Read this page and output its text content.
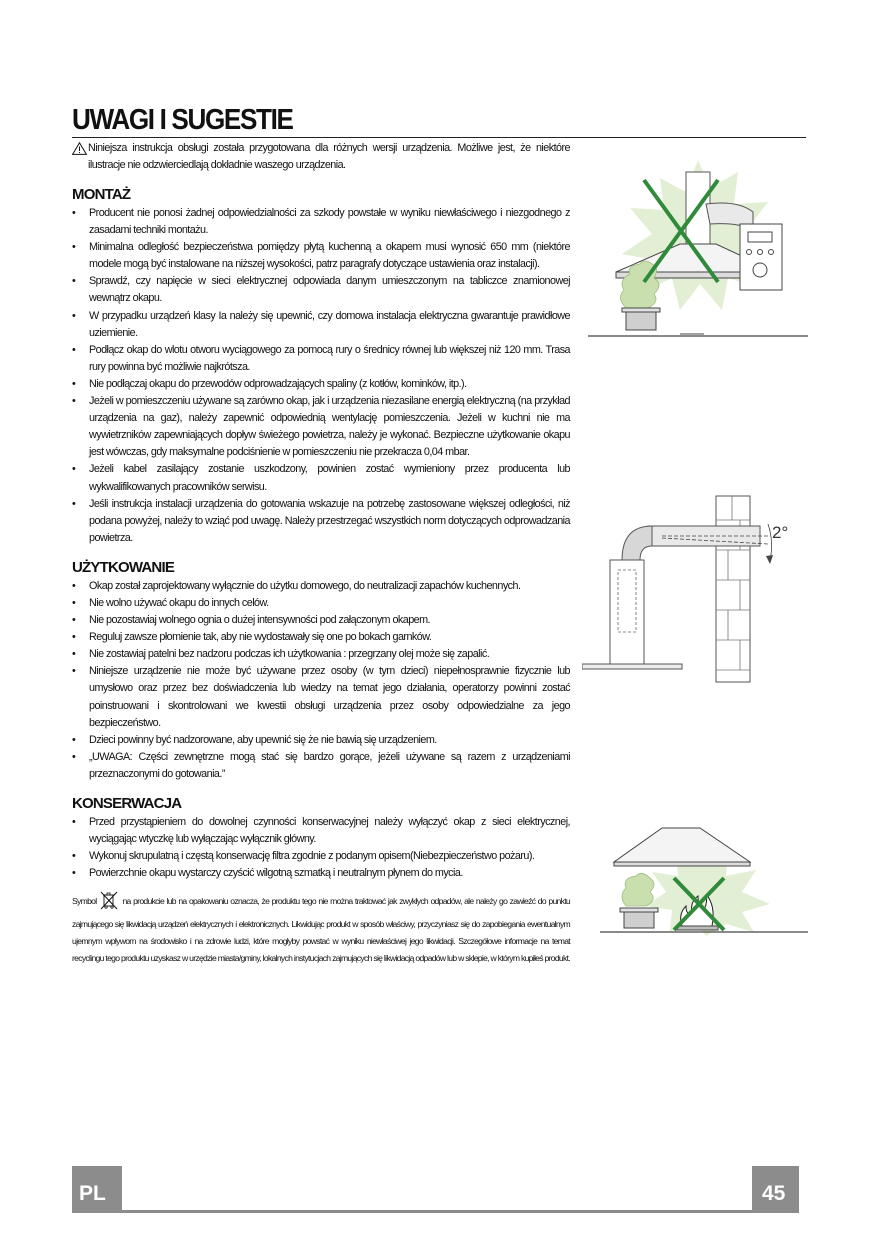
UWAGI I SUGESTIE
Niniejsza instrukcja obsługi została przygotowana dla różnych wersji urządzenia. Możliwe jest, że niektóre ilustracje nie odzwierciedlają dokładnie waszego urządzenia.
MONTAŻ
• Producent nie ponosi żadnej odpowiedzialności za szkody powstałe w wyniku niewłaściwego i niezgodnego z zasadami techniki montażu.
• Minimalna odległość bezpieczeństwa pomiędzy płytą kuchenną a okapem musi wynosić 650 mm (niektóre modele mogą być instalowane na niższej wysokości, patrz paragrafy dotyczące ustawienia oraz instalacji).
• Sprawdź, czy napięcie w sieci elektrycznej odpowiada danym umieszczonym na tabliczce znamionowej wewnątrz okapu.
• W przypadku urządzeń klasy Ia należy się upewnić, czy domowa instalacja elektryczna gwarantuje prawidłowe uziemienie.
• Podłącz okap do wlotu otworu wyciągowego za pomocą rury o średnicy równej lub większej niż 120 mm. Trasa rury powinna być możliwie najkrótsza.
• Nie podłączaj okapu do przewodów odprowadzających spaliny (z kotłów, kominków, itp.).
• Jeżeli w pomieszczeniu używane są zarówno okap, jak i urządzenia niezasilane energią elektryczną (na przykład urządzenia na gaz), należy zapewnić odpowiednią wentylację pomieszczenia. Jeżeli w kuchni nie ma wywietrzników zapewniających dopływ świeżego powietrza, należy je wykonać. Bezpieczne użytkowanie okapu jest wówczas, gdy maksymalne podciśnienie w pomieszczeniu nie przekracza 0,04 mbar.
• Jeżeli kabel zasilający zostanie uszkodzony, powinien zostać wymieniony przez producenta lub wykwalifikowanych pracowników serwisu.
• Jeśli instrukcja instalacji urządzenia do gotowania wskazuje na potrzebę zastosowane większej odległości, niż podana powyżej, należy to wziąć pod uwagę. Należy przestrzegać wszystkich norm dotyczących odprowadzania powietrza.
UŻYTKOWANIE
• Okap został zaprojektowany wyłącznie do użytku domowego, do neutralizacji zapachów kuchennych.
• Nie wolno używać okapu do innych celów.
• Nie pozostawiaj wolnego ognia o dużej intensywności pod załączonym okapem.
• Reguluj zawsze płomienie tak, aby nie wydostawały się one po bokach garnków.
• Nie zostawiaj patelni bez nadzoru podczas ich użytkowania : przegrzany olej może się zapalić.
• Niniejsze urządzenie nie może być używane przez osoby (w tym dzieci) niepełnosprawnie fizycznie lub umysłowo oraz przez bez doświadczenia lub wiedzy na temat jego działania, operatorzy powinni zostać poinstruowani i skontrolowani we kwestii obsługi urządzenia przez osoby odpowiedzialne za jego bezpieczeństwo.
• Dzieci powinny być nadzorowane, aby upewnić się że nie bawią się urządzeniem.
• „UWAGA: Części zewnętrzne mogą stać się bardzo gorące, jeżeli używane są razem z urządzeniami przeznaczonymi do gotowania.”
KONSERWACJA
• Przed przystąpieniem do dowolnej czynności konserwacyjnej należy wyłączyć okap z sieci elektrycznej, wyciągając wtyczkę lub wyłączając wyłącznik główny.
• Wykonuj skrupulatną i częstą konserwację filtra zgodnie z podanym opisem(Niebezpieczeństwo pożaru).
• Powierzchnie okapu wystarczy czyścić wilgotną szmatką i neutralnym płynem do mycia.
Symbol	na produkcie lub na opakowaniu oznacza, że produktu tego nie można traktować jak zwykłych odpadów, ale należy go zawieźć do punktu zajmującego się likwidacją urządzeń elektrycznych i elektronicznych. Likwidując produkt w sposób właściwy, przyczyniasz się do zapobiegania ewentualnym ujemnym wpływom na środowisko i na zdrowie ludzi, które mogłyby powstać w wyniku niewłaściwej jego likwidacji. Szczegółowe informacje na temat recyclingu tego produktu uzyskasz w urzędzie miasta/gminy, lokalnych instytucjach zajmujących się likwidacją odpadów lub w sklepie, w którym kupiłeś produkt.
2°
PL	45
